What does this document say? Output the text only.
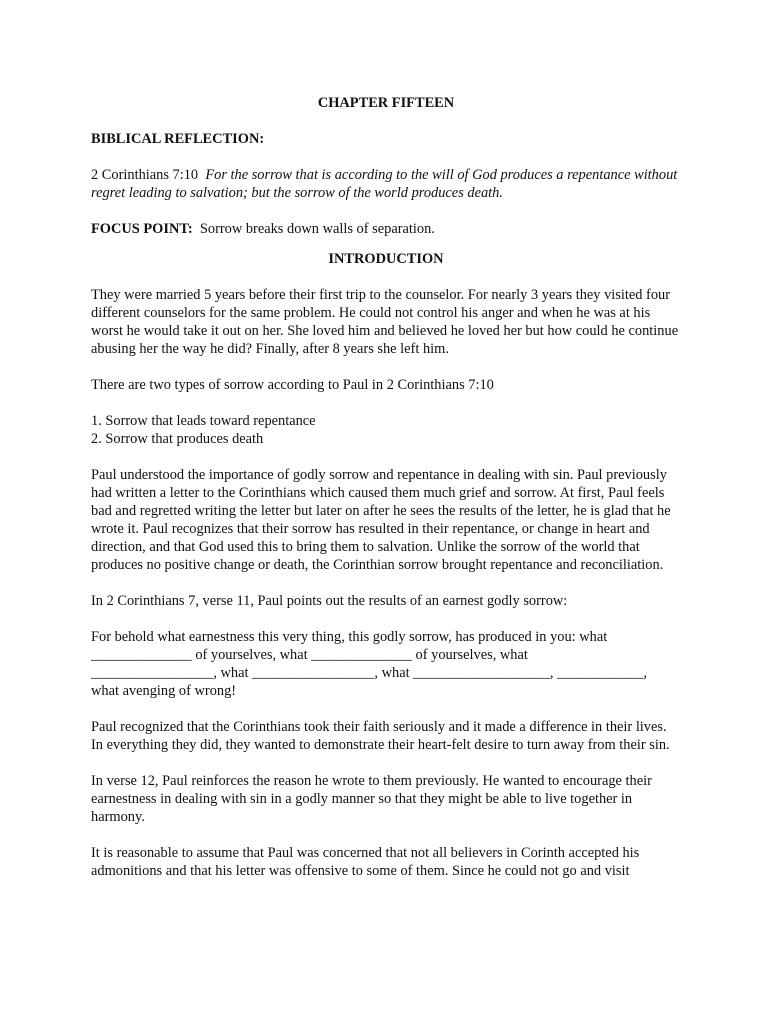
CHAPTER FIFTEEN

BIBLICAL REFLECTION:

2 Corinthians 7:10 For the sorrow that is according to the will of God produces a repentance without regret leading to salvation; but the sorrow of the world produces death.

FOCUS POINT: Sorrow breaks down walls of separation.

INTRODUCTION

They were married 5 years before their first trip to the counselor. For nearly 3 years they visited four different counselors for the same problem. He could not control his anger and when he was at his worst he would take it out on her. She loved him and believed he loved her but how could he continue abusing her the way he did? Finally, after 8 years she left him.

There are two types of sorrow according to Paul in 2 Corinthians 7:10

1. Sorrow that leads toward repentance

2. Sorrow that produces death

Paul understood the importance of godly sorrow and repentance in dealing with sin. Paul previously had written a letter to the Corinthians which caused them much grief and sorrow. At first, Paul feels bad and regretted writing the letter but later on after he sees the results of the letter, he is glad that he wrote it. Paul recognizes that their sorrow has resulted in their repentance, or change in heart and direction, and that God used this to bring them to salvation. Unlike the sorrow of the world that produces no positive change or death, the Corinthian sorrow brought repentance and reconciliation.

In 2 Corinthians 7, verse 11, Paul points out the results of an earnest godly sorrow:

For behold what earnestness this very thing, this godly sorrow, has produced in you: what

______________ of yourselves, what ______________ of yourselves, what

_________________, what _________________, what ___________________, ____________,

what avenging of wrong!

Paul recognized that the Corinthians took their faith seriously and it made a difference in their lives. In everything they did, they wanted to demonstrate their heart-felt desire to turn away from their sin.

In verse 12, Paul reinforces the reason he wrote to them previously. He wanted to encourage their earnestness in dealing with sin in a godly manner so that they might be able to live together in harmony.

It is reasonable to assume that Paul was concerned that not all believers in Corinth accepted his admonitions and that his letter was offensive to some of them. Since he could not go and visit
